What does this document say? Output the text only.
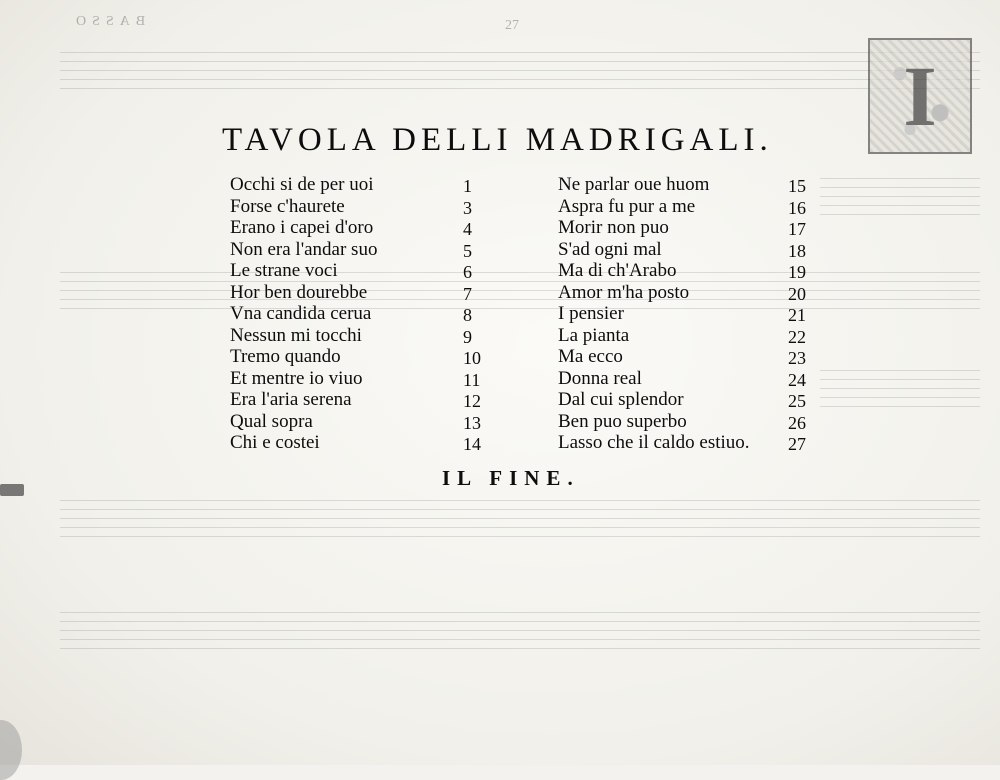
BASSO	27
I
TAVOLA DELLI MADRIGALI.
Occhi si de per uoi	1
Forse c'haurete	3
Erano i capei d'oro	4
Non era l'andar suo	5
Le strane voci	6
Hor ben dourebbe	7
Vna candida cerua	8
Nessun mi tocchi	9
Tremo quando	10
Et mentre io viuo	11
Era l'aria serena	12
Qual sopra	13
Chi e costei	14
Ne parlar oue huom	15
Aspra fu pur a me	16
Morir non puo	17
S'ad ogni mal	18
Ma di ch'Arabo	19
Amor m'ha posto	20
I pensier	21
La pianta	22
Ma ecco	23
Donna real	24
Dal cui splendor	25
Ben puo superbo	26
Lasso che il caldo estiuo. 27
IL FINE.
